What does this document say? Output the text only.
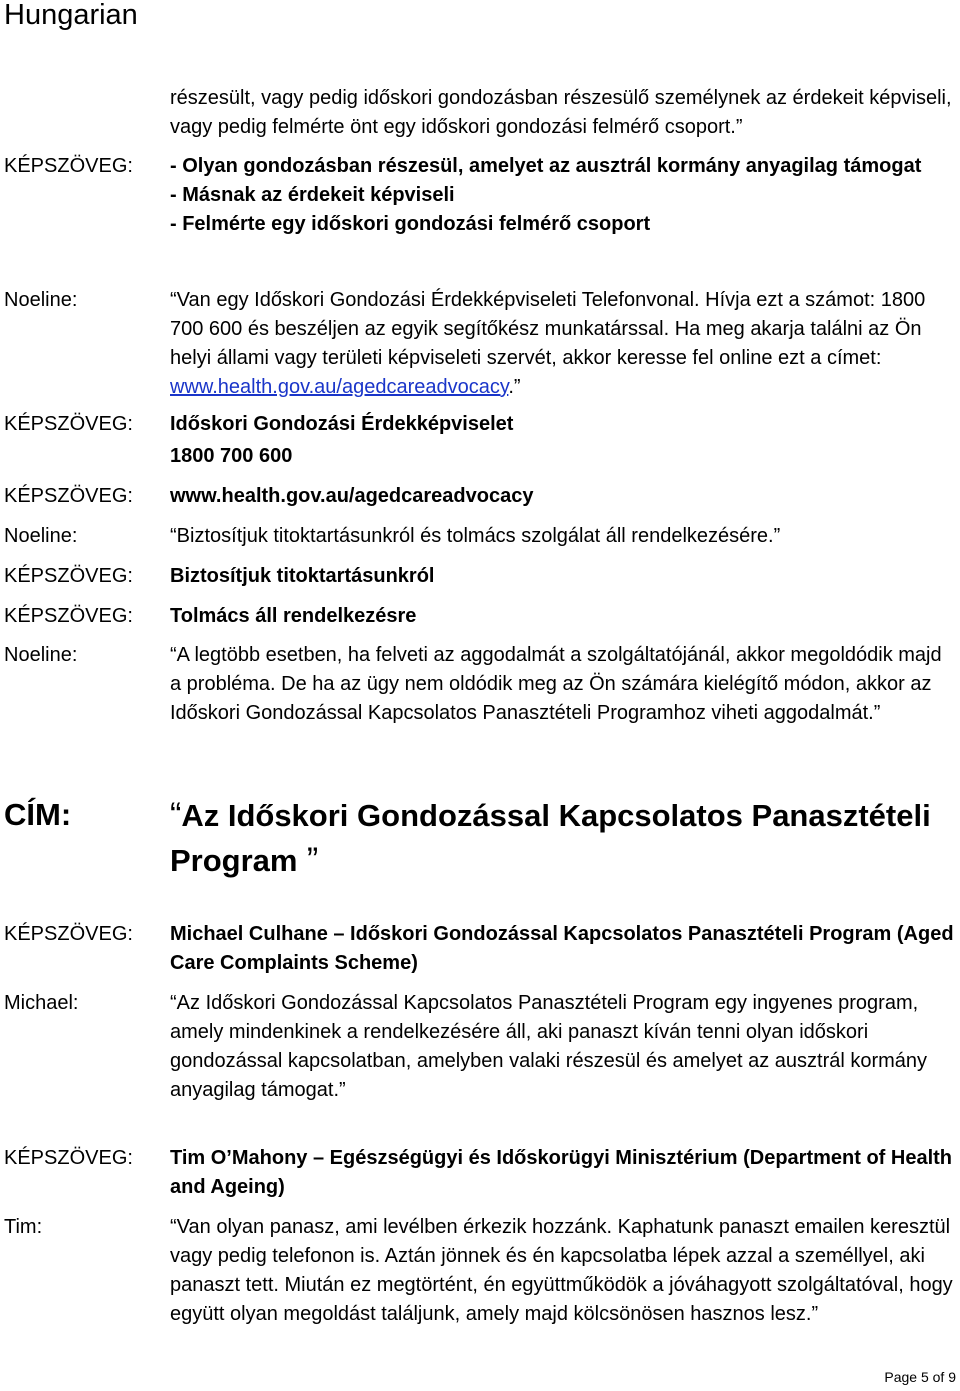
Hungarian
részesült, vagy pedig időskori gondozásban részesülő személynek az érdekeit képviseli, vagy pedig felmérte önt egy időskori gondozási felmérő csoport.”
KÉPSZÖVEG: - Olyan gondozásban részesül, amelyet az ausztrál kormány anyagilag támogat
- Másnak az érdekeit képviseli
- Felmérte egy időskori gondozási felmérő csoport
Noeline:	“Van egy Időskori Gondozási Érdekképviseleti Telefonvonal. Hívja ezt a számot: 1800 700 600 és beszéljen az egyik segítőkész munkatárssal. Ha meg akarja találni az Ön helyi állami vagy területi képviseleti szervét, akkor keresse fel online ezt a címet: www.health.gov.au/agedcareadvocacy.”
KÉPSZÖVEG: Időskori Gondozási Érdekképviselet
1800 700 600
KÉPSZÖVEG: www.health.gov.au/agedcareadvocacy
Noeline:	“Biztosítjuk titoktartásunkról és tolmács szolgálat áll rendelkezésére.”
KÉPSZÖVEG: Biztosítjuk titoktartásunkról
KÉPSZÖVEG: Tolmács áll rendelkezésre
Noeline:	“A legtöbb esetben, ha felveti az aggodalmát a szolgáltatójánál, akkor megoldódik majd a probléma. De ha az ügy nem oldódik meg az Ön számára kielégítő módon, akkor az Időskori Gondozással Kapcsolatos Panasztételi Programhoz viheti aggodalmát.”
CÍM:	“Az Időskori Gondozással Kapcsolatos Panasztételi Program ”
KÉPSZÖVEG: Michael Culhane – Időskori Gondozással Kapcsolatos Panasztételi Program (Aged Care Complaints Scheme)
Michael:	“Az Időskori Gondozással Kapcsolatos Panasztételi Program egy ingyenes program, amely mindenkinek a rendelkezésére áll, aki panaszt kíván tenni olyan időskori gondozással kapcsolatban, amelyben valaki részesül és amelyet az ausztrál kormány anyagilag támogat.”
KÉPSZÖVEG: Tim O’Mahony – Egészségügyi és Időskorügyi Minisztérium (Department of Health and Ageing)
Tim:	“Van olyan panasz, ami levélben érkezik hozzánk. Kaphatunk panaszt emailen keresztül vagy pedig telefonon is. Aztán jönnek és én kapcsolatba lépek azzal a személlyel, aki panaszt tett. Miután ez megtörtént, én együttműködök a jóváhagyott szolgáltatóval, hogy együtt olyan megoldást találjunk, amely majd kölcsönösen hasznos lesz.”
Page 5 of 9
